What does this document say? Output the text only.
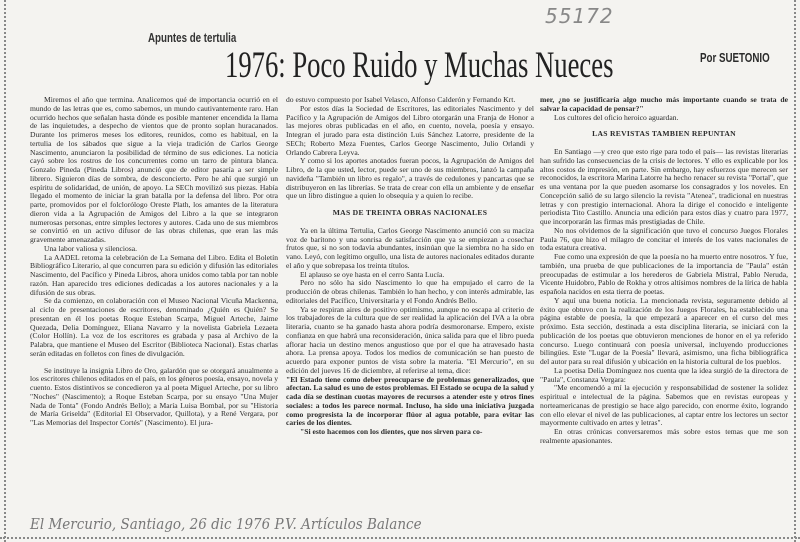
55172
Apuntes de tertulia
1976: Poco Ruido y Muchas Nueces	Por SUETONIO

Miremos el año que termina. Analicemos qué de importancia ocurrió en el mundo de las letras que es, como sabemos, un mundo cautivantemente raro. Han ocurrido hechos que señalan hasta dónde es posible mantener encendida la llama de las inquietudes, a despecho de vientos que de pronto soplan huracanados. Durante los primeros meses los editores, reunidos, como es habitual, en la tertulia de los sábados que sigue a la vieja tradición de Carlos George Nascimento, anunciaron la posibilidad de término de sus ediciones. La noticia cayó sobre los rostros de los concurrentes como un tarro de pintura blanca. Gonzalo Pineda (Pineda Libros) anunció que de editor pasaría a ser simple librero. Siguieron días de sombra, de desconcierto. Pero he ahí que surgió un espíritu de solidaridad, de unión, de apoyo. La SECh movilizó sus piezas. Había llegado el momento de iniciar la gran batalla por la defensa del libro. Por otra parte, promovidos por el folclorólogo Oreste Plath, los amantes de la literatura dieron vida a la Agrupación de Amigos del Libro a la que se integraron numerosas personas, entre simples lectores y autores. Cada uno de sus miembros se convirtió en un activo difusor de las obras chilenas, que eran las más gravemente amenazadas.

Una labor valiosa y silenciosa.

La AADEL retoma la celebración de La Semana del Libro. Edita el Boletín Bibliográfico Literario, al que concurren para su edición y difusión las editoriales Nascimento, del Pacífico y Pineda Libros, ahora unidos como tabla por tan noble razón. Han aparecido tres ediciones dedicadas a los autores nacionales y a la difusión de sus obras.

Se da comienzo, en colaboración con el Museo Nacional Vicuña Mackenna, al ciclo de presentaciones de escritores, denominado ¿Quién es Quién? Se presentan en él los poetas Roque Esteban Scarpa, Miguel Arteche, Jaime Quezada, Delia Domínguez, Eliana Navarro y la novelista Gabriela Lezaeta (Color Hollín). La voz de los escritores es grabada y pasa al Archivo de la Palabra, que mantiene el Museo del Escritor (Biblioteca Nacional). Estas charlas serán editadas en folletos con fines de divulgación.

Se instituye la insignia Libro de Oro, galardón que se otorgará anualmente a los escritores chilenos editados en el país, en los géneros poesía, ensayo, novela y cuento. Estos distintivos se concedieron ya al poeta Miguel Arteche, por su libro "Noches" (Nascimento); a Roque Esteban Scarpa, por su ensayo "Una Mujer Nada de Tonta" (Fondo Andrés Bello); a María Luisa Bombal, por su "Historia de María Griselda" (Editorial El Observador, Quillota), y a René Vergara, por "Las Memorias del Inspector Cortés" (Nascimento). El jura-

do estuvo compuesto por Isabel Velasco, Alfonso Calderón y Fernando Krt.

Por estos días la Sociedad de Escritores, las editoriales Nascimento y del Pacífico y la Agrupación de Amigos del Libro otorgarán una Franja de Honor a las mejores obras publicadas en el año, en cuento, novela, poesía y ensayo. Integran el jurado para esta distinción Luis Sánchez Latorre, presidente de la SECh; Roberto Meza Fuentes, Carlos George Nascimento, Julio Orlandi y Orlando Cabrera Leyva.

Y como si los aportes anotados fueran pocos, la Agrupación de Amigos del Libro, de la que usted, lector, puede ser uno de sus miembros, lanzó la campaña navideña "También un libro es regalo", a través de cedulones y pancartas que se distribuyeron en las librerías. Se trata de crear con ella un ambiente y de enseñar que un libro distingue a quien lo obsequia y a quien lo recibe.

MAS DE TREINTA OBRAS NACIONALES

Ya en la última Tertulia, Carlos George Nascimento anunció con su maciza voz de barítono y una sonrisa de satisfacción que ya se empiezan a cosechar frutos que, si no son todavía abundantes, insinúan que la siembra no ha sido en vano. Leyó, con legítimo orgullo, una lista de autores nacionales editados durante el año y que sobrepasa los treinta títulos.

El aplauso se oye hasta en el cerro Santa Lucía.

Pero no sólo ha sido Nascimento lo que ha empujado el carro de la producción de obras chilenas. También lo han hecho, y con interés admirable, las editoriales del Pacífico, Universitaria y el Fondo Andrés Bello.

Ya se respiran aires de positivo optimismo, aunque no escapa al criterio de los trabajadores de la cultura que de ser realidad la aplicación del IVA a la obra literaria, cuanto se ha ganado hasta ahora podría desmoronarse. Empero, existe confianza en que habrá una reconsideración, única salida para que el libro pueda aflorar hacia un destino menos angustioso que por el que ha atravesado hasta ahora. La prensa apoya. Todos los medios de comunicación se han puesto de acuerdo para exponer puntos de vista sobre la materia. "El Mercurio", en su edición del jueves 16 de diciembre, al referirse al tema, dice:

"El Estado tiene como deber preocuparse de problemas generalizados, que afectan. La salud es uno de estos problemas. El Estado se ocupa de la salud y cada día se destinan cuotas mayores de recursos a atender este y otros fines sociales: a todos les parece normal. Incluso, ha sido una iniciativa juzgada como progresista la de incorporar flúor al agua potable, para evitar las caries de los dientes.

"Si esto hacemos con los dientes, que nos sirven para co-

mer, ¿no se justificaría algo mucho más importante cuando se trata de salvar la capacidad de pensar?"

Los cultores del oficio heroico aguardan.

LAS REVISTAS TAMBIEN REPUNTAN

En Santiago —y creo que esto rige para todo el país— las revistas literarias han sufrido las consecuencias de la crisis de lectores. Y ello es explicable por los altos costos de impresión, en parte. Sin embargo, hay esfuerzos que merecen ser reconocidos, la escritora Marina Latorre ha hecho renacer su revista "Portal", que es una ventana por la que pueden asomarse los consagrados y los noveles. En Concepción salió de su largo silencio la revista "Atenea", tradicional en nuestras letras y con prestigio internacional. Ahora la dirige el conocido e inteligente periodista Tito Castillo. Anuncia una edición para estos días y cuatro para 1977, que incorporarán las firmas más prestigiadas de Chile.

No nos olvidemos de la significación que tuvo el concurso Juegos Florales Paula 76, que hizo el milagro de concitar el interés de los vates nacionales de toda estatura creativa.

Fue como una expresión de que la poesía no ha muerto entre nosotros. Y fue, también, una prueba de que publicaciones de la importancia de "Paula" están preocupadas de estimular a los herederos de Gabriela Mistral, Pablo Neruda, Vicente Huidobro, Pablo de Rokha y otros altísimos nombres de la lírica de habla española nacidos en esta tierra de poetas.

Y aquí una buena noticia. La mencionada revista, seguramente debido al éxito que obtuvo con la realización de los Juegos Florales, ha establecido una página estable de poesía, la que empezará a aparecer en el curso del mes próximo. Esta sección, destinada a esta disciplina literaria, se iniciará con la publicación de los poetas que obtuvieron menciones de honor en el ya referido concurso. Luego continuará con poesía universal, incluyendo producciones bilingües. Este "Lugar de la Poesía" llevará, asimismo, una ficha bibliográfica del autor para su real difusión y ubicación en la historia cultural de los pueblos.

La poetisa Delia Domínguez nos cuenta que la idea surgió de la directora de "Paula", Constanza Vergara:

"Me encomendó a mí la ejecución y responsabilidad de sostener la solidez espiritual e intelectual de la página. Sabemos que en revistas europeas y norteamericanas de prestigio se hace algo parecido, con enorme éxito, logrando con ello elevar el nivel de las publicaciones, al captar entre los lectores un sector mayormente cultivado en artes y letras".

En otras crónicas conversaremos más sobre estos temas que me son realmente apasionantes.

El Mercurio, Santiago, 26 dic 1976 P.V. Artículos Balance
